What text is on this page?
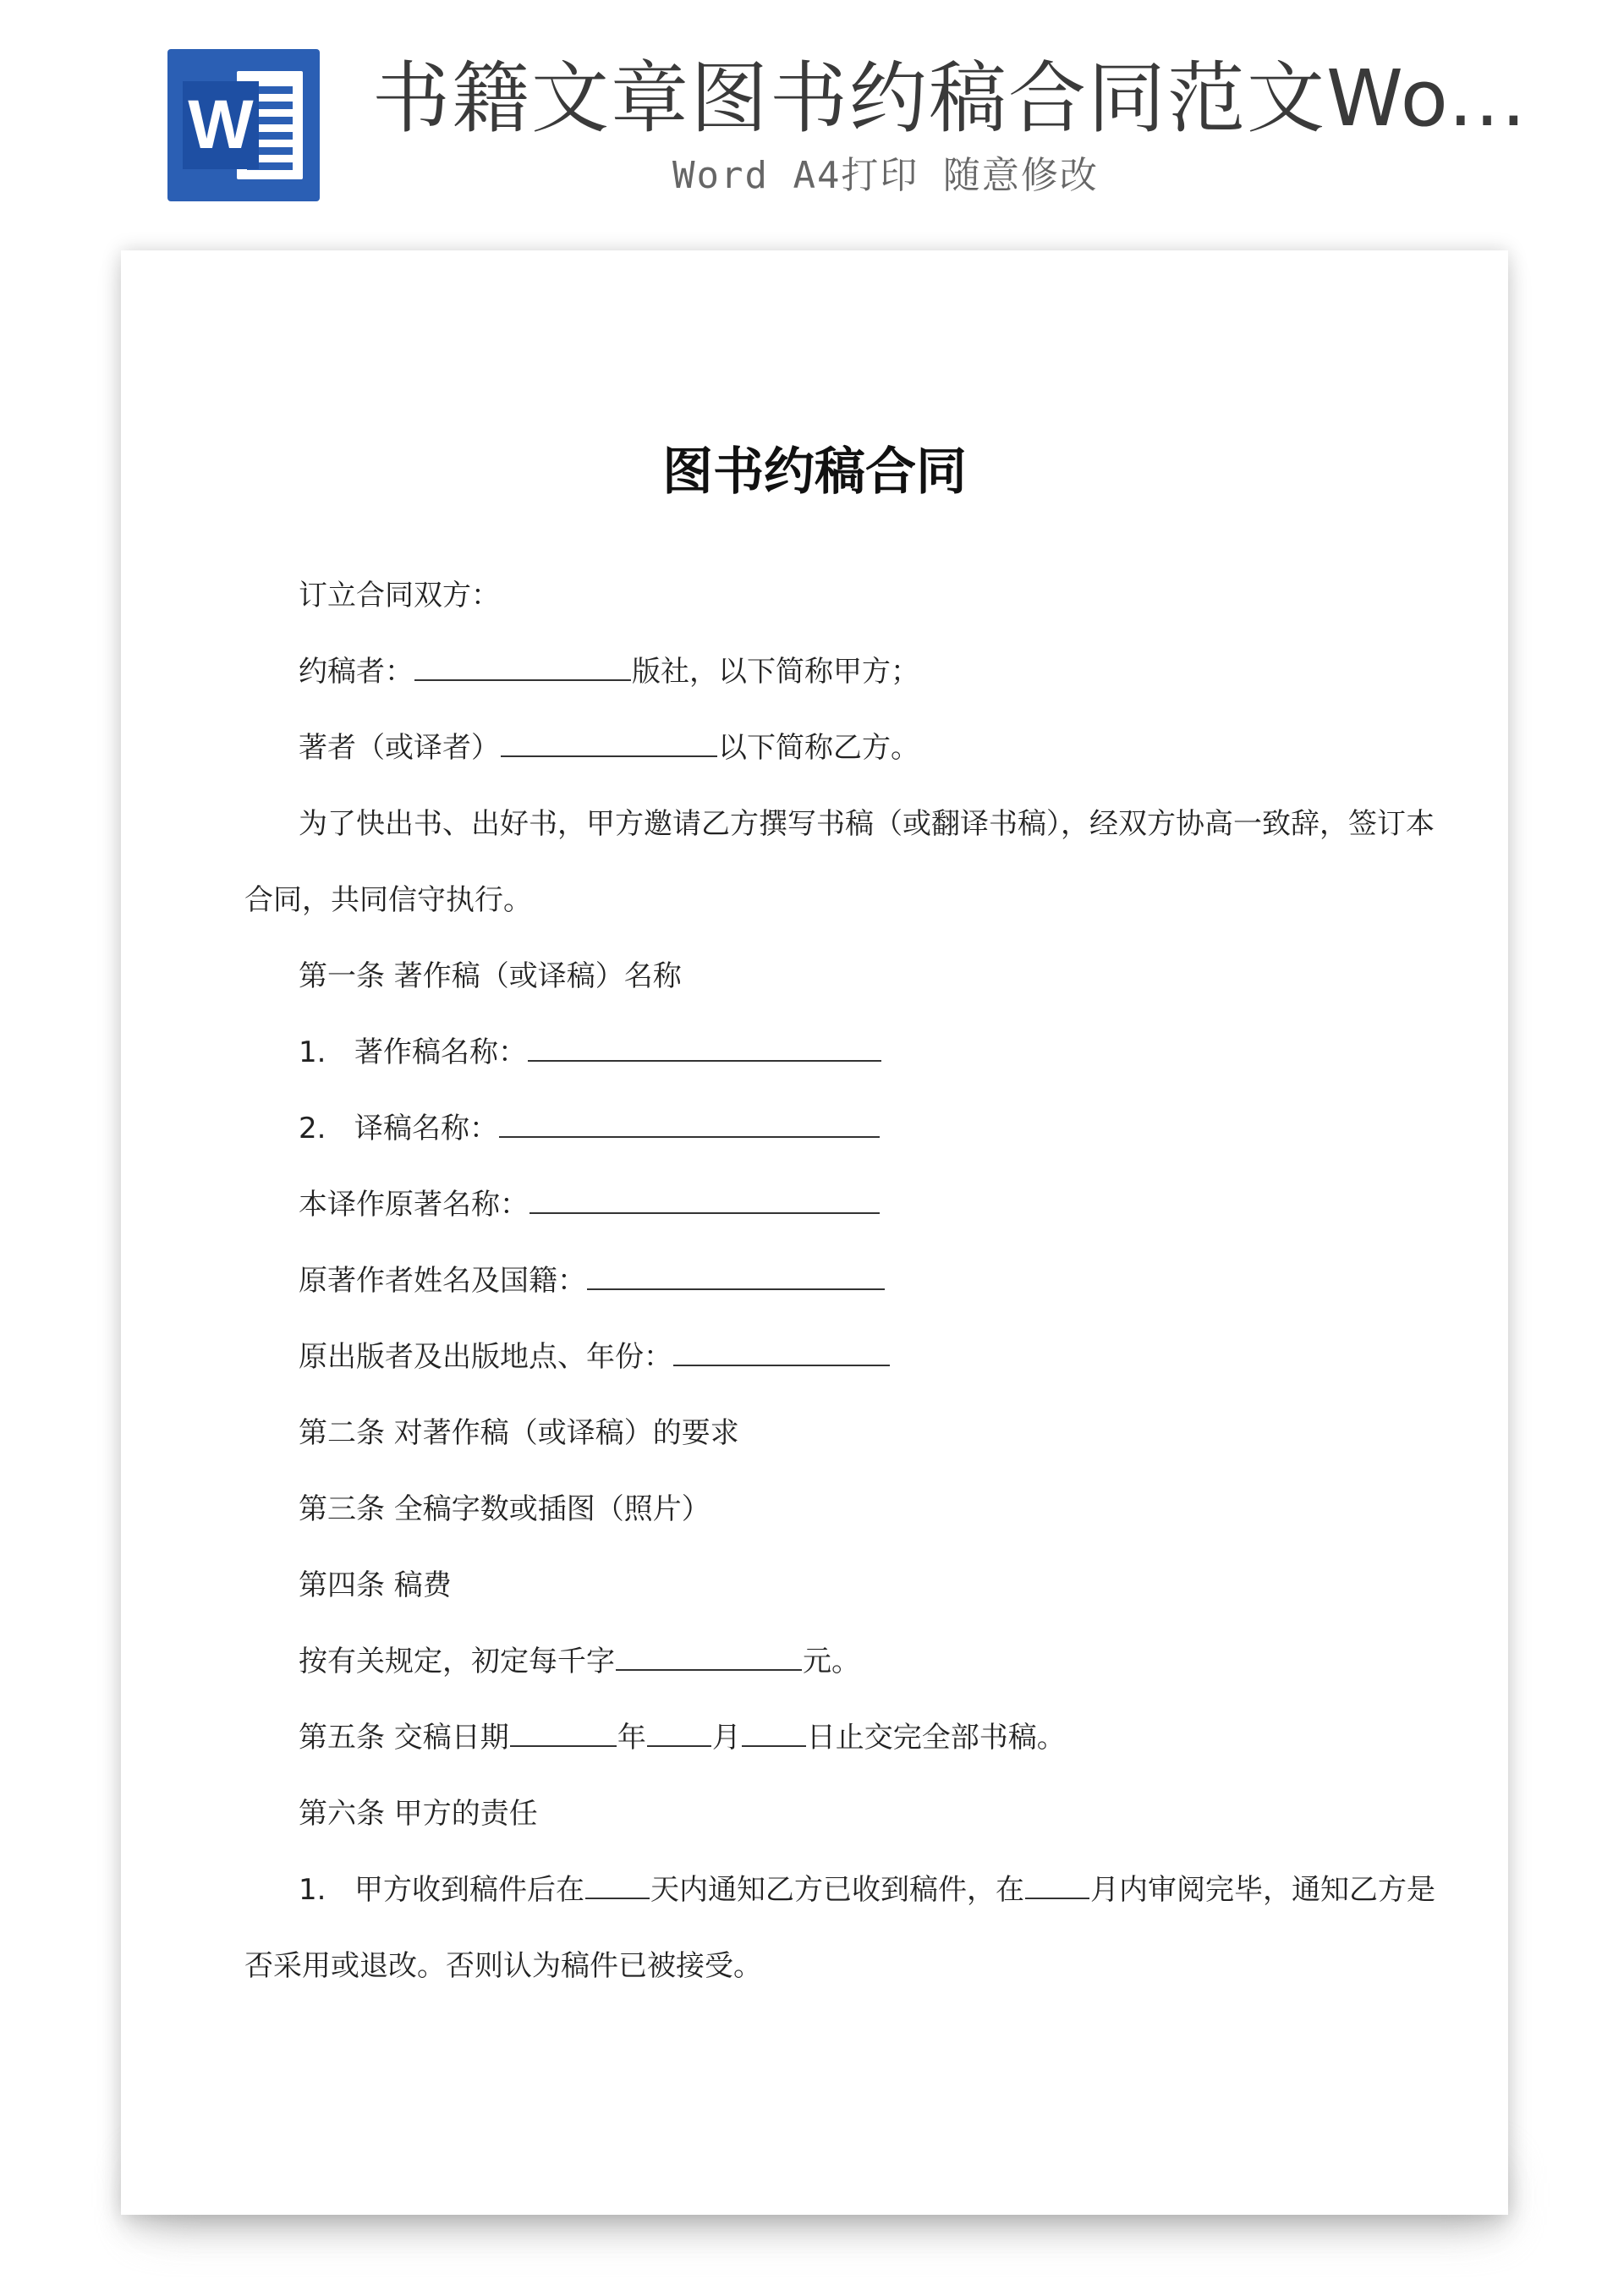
W 书籍文章图书约稿合同范文Wo...
Word A4打印 随意修改
图书约稿合同
订立合同双方：
约稿者：	版社，以下简称甲方；
著者（或译者）	以下简称乙方。
为了快出书、出好书，甲方邀请乙方撰写书稿（或翻译书稿），经双方协高一致辞，签订本
合同，共同信守执行。
第一条 著作稿（或译稿）名称
1. 著作稿名称：
2. 译稿名称：
本译作原著名称：
原著作者姓名及国籍：
原出版者及出版地点、年份：
第二条 对著作稿（或译稿）的要求
第三条 全稿字数或插图（照片）
第四条 稿费
按有关规定，初定每千字	元。
第五条 交稿日期	年 月 日止交完全部书稿。
第六条 甲方的责任
1. 甲方收到稿件后在 天内通知乙方已收到稿件，在 月内审阅完毕，通知乙方是
否采用或退改。否则认为稿件已被接受。
